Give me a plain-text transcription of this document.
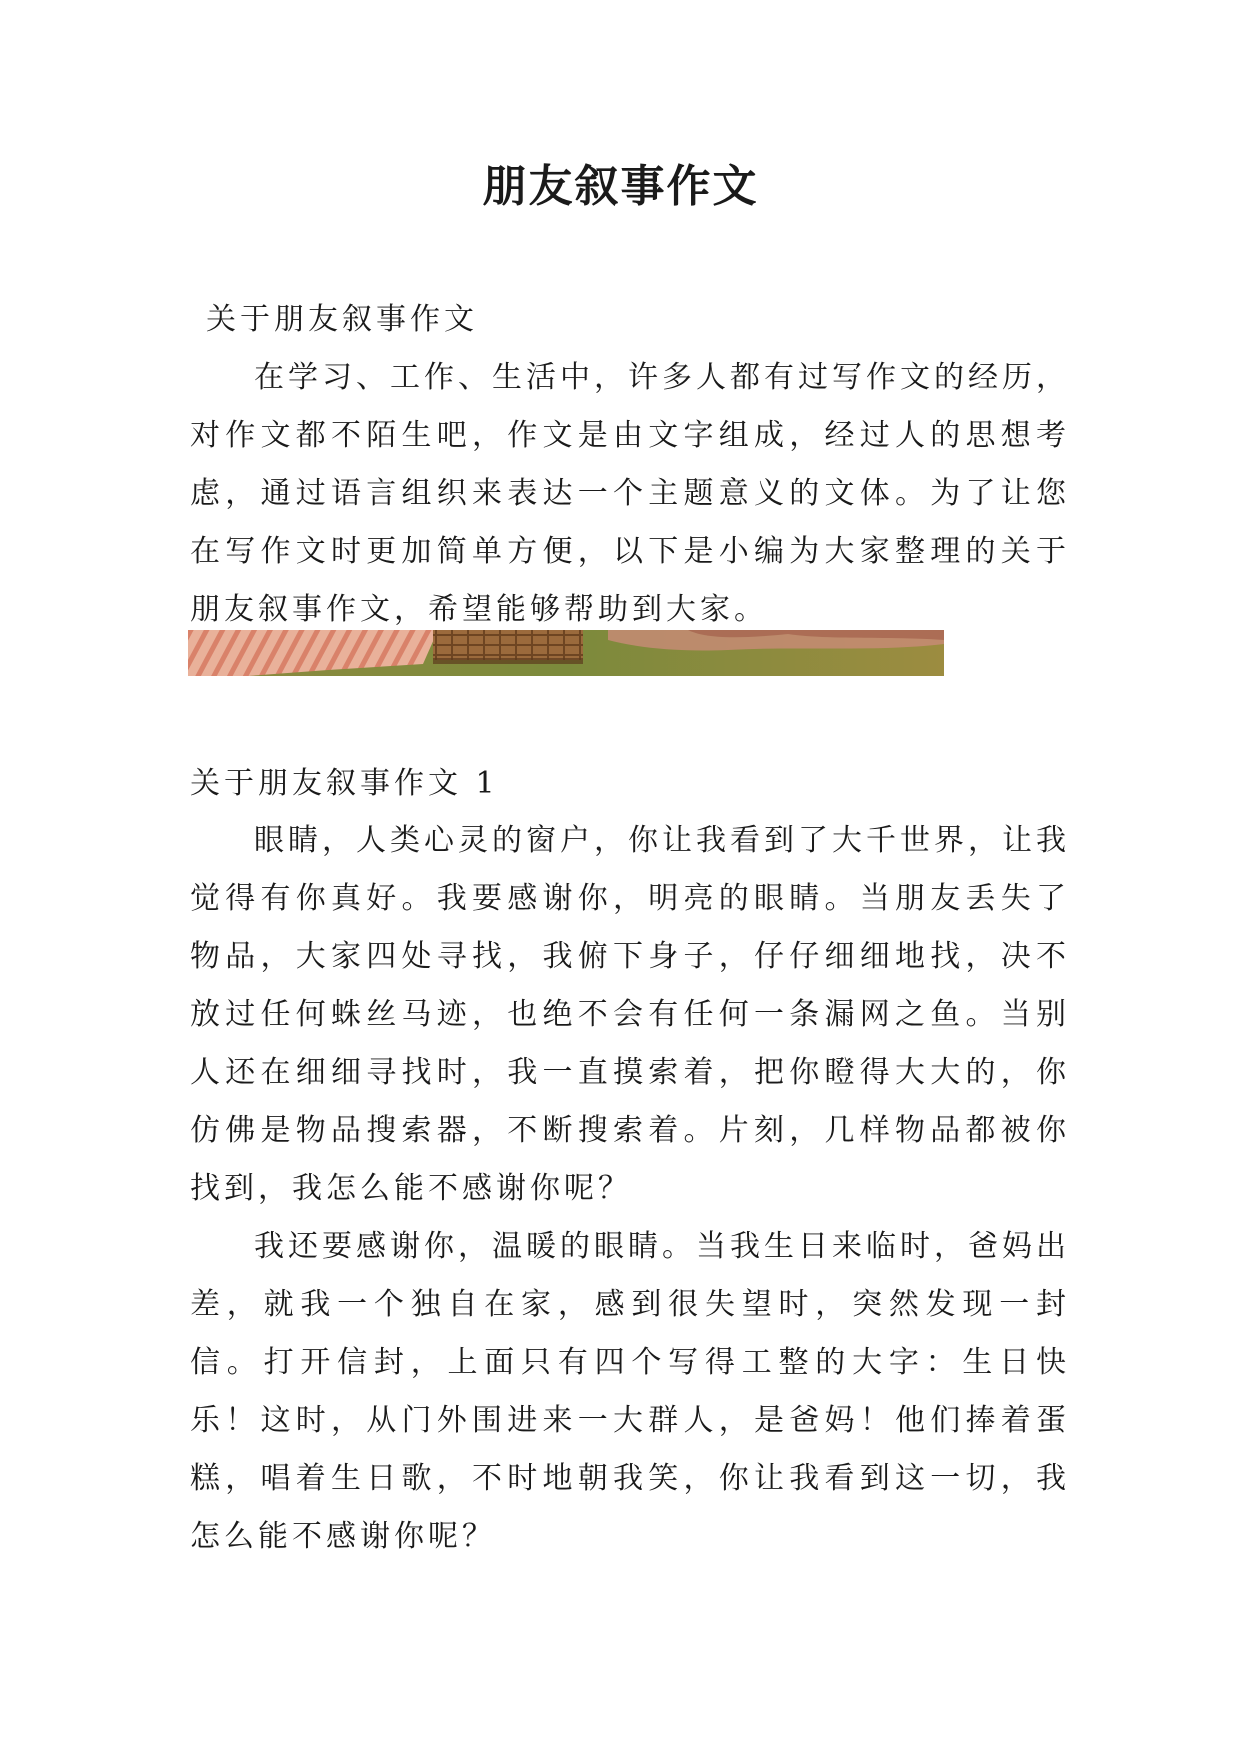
朋友叙事作文

关于朋友叙事作文

在学习、工作、生活中，许多人都有过写作文的经历，对作文都不陌生吧，作文是由文字组成，经过人的思想考虑，通过语言组织来表达一个主题意义的文体。为了让您在写作文时更加简单方便，以下是小编为大家整理的关于朋友叙事作文，希望能够帮助到大家。

关于朋友叙事作文 1

眼睛，人类心灵的窗户，你让我看到了大千世界，让我觉得有你真好。我要感谢你，明亮的眼睛。当朋友丢失了物品，大家四处寻找，我俯下身子，仔仔细细地找，决不放过任何蛛丝马迹，也绝不会有任何一条漏网之鱼。当别人还在细细寻找时，我一直摸索着，把你瞪得大大的，你仿佛是物品搜索器，不断搜索着。片刻，几样物品都被你找到，我怎么能不感谢你呢？

我还要感谢你，温暖的眼睛。当我生日来临时，爸妈出差，就我一个独自在家，感到很失望时，突然发现一封信。打开信封，上面只有四个写得工整的大字：生日快乐！这时，从门外围进来一大群人，是爸妈！他们捧着蛋糕，唱着生日歌，不时地朝我笑，你让我看到这一切，我怎么能不感谢你呢？
